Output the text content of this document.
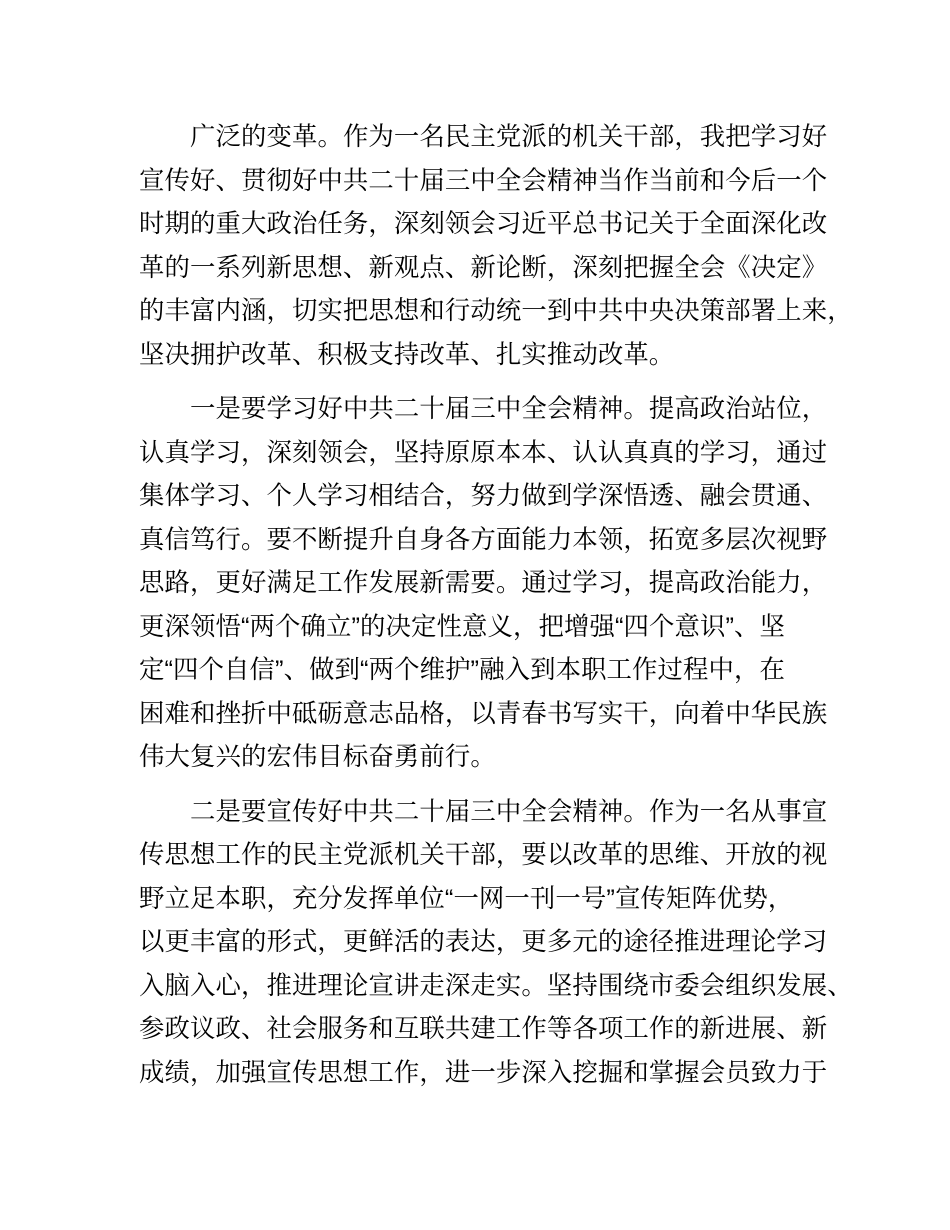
广泛的变革。作为一名民主党派的机关干部，我把学习好
宣传好、贯彻好中共二十届三中全会精神当作当前和今后一个
时期的重大政治任务，深刻领会习近平总书记关于全面深化改
革的一系列新思想、新观点、新论断，深刻把握全会《决定》
的丰富内涵，切实把思想和行动统一到中共中央决策部署上来，
坚决拥护改革、积极支持改革、扎实推动改革。
一是要学习好中共二十届三中全会精神。提高政治站位，
认真学习，深刻领会，坚持原原本本、认认真真的学习，通过
集体学习、个人学习相结合，努力做到学深悟透、融会贯通、
真信笃行。要不断提升自身各方面能力本领，拓宽多层次视野
思路，更好满足工作发展新需要。通过学习，提高政治能力，
更深领悟“两个确立”的决定性意义，把增强“四个意识”、坚
定“四个自信”、做到“两个维护”融入到本职工作过程中，在
困难和挫折中砥砺意志品格，以青春书写实干，向着中华民族
伟大复兴的宏伟目标奋勇前行。
二是要宣传好中共二十届三中全会精神。作为一名从事宣
传思想工作的民主党派机关干部，要以改革的思维、开放的视
野立足本职，充分发挥单位“一网一刊一号”宣传矩阵优势，
以更丰富的形式，更鲜活的表达，更多元的途径推进理论学习
入脑入心，推进理论宣讲走深走实。坚持围绕市委会组织发展、
参政议政、社会服务和互联共建工作等各项工作的新进展、新
成绩，加强宣传思想工作，进一步深入挖掘和掌握会员致力于
